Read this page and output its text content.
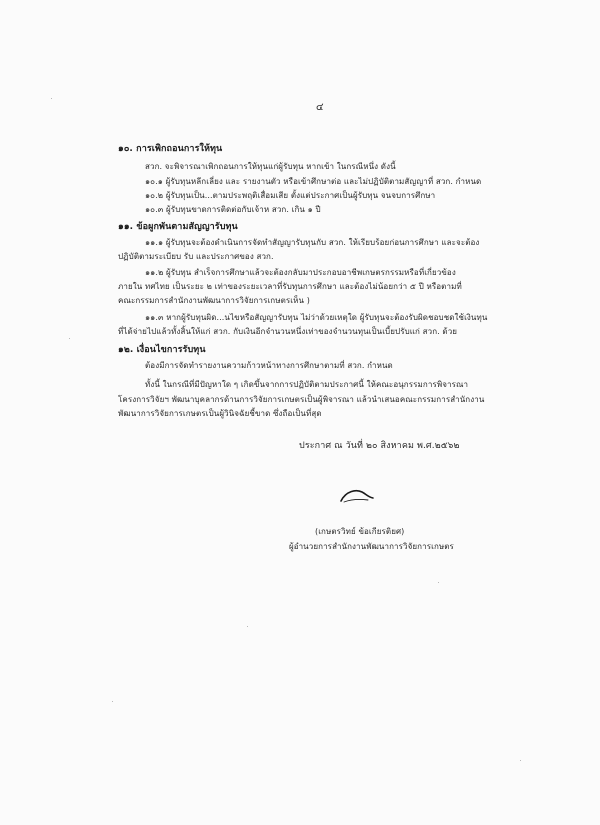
๔
๑๐. การเพิกถอนการให้ทุน
สวก. จะพิจารณาเพิกถอนการให้ทุนแก่ผู้รับทุน หากเข้า ในกรณีหนึ่ง ดังนี้
๑๐.๑ ผู้รับทุนหลีกเลี่ยง และ รายงานตัว หรือเข้าศึกษาต่อ และไม่ปฏิบัติตามสัญญาที่ สวก. กำหนด
๑๐.๒ ผู้รับทุนเป็น...ตามประพฤติเสื่อมเสีย ตั้งแต่ประกาศเป็นผู้รับทุน จนจบการศึกษา
๑๐.๓ ผู้รับทุนขาดการติดต่อกับเจ้าห สวก. เกิน ๑ ปี
๑๑. ข้อผูกพันตามสัญญารับทุน
๑๑.๑ ผู้รับทุนจะต้องดำเนินการจัดทำสัญญารับทุนกับ สวก. ให้เรียบร้อยก่อนการศึกษา และจะต้อง
ปฏิบัติตามระเบียบ รับ และประกาศของ สวก.
๑๑.๒ ผู้รับทุน สำเร็จการศึกษาแล้วจะต้องกลับมาประกอบอาชีพเกษตรกรรมหรือที่เกี่ยวข้อง
ภายใน ทศไทย เป็นระยะ ๒ เท่าของระยะเวลาที่รับทุนการศึกษา และต้องไม่น้อยกว่า ๕ ปี หรือตามที่
คณะกรรมการสำนักงานพัฒนาการวิจัยการเกษตรเห็น )
๑๑.๓ หากผู้รับทุนผิด...นไขหรือสัญญารับทุน ไม่ว่าด้วยเหตุใด ผู้รับทุนจะต้องรับผิดชอบชดใช้เงินทุน
ที่ได้จ่ายไปแล้วทั้งสิ้นให้แก่ สวก. กับเงินอีกจำนวนหนึ่งเท่าของจำนวนทุนเป็นเบี้ยปรับแก่ สวก. ด้วย
๑๒. เงื่อนไขการรับทุน
ต้องมีการจัดทำรายงานความก้าวหน้าทางการศึกษาตามที่ สวก. กำหนด
ทั้งนี้ ในกรณีที่มีปัญหาใด ๆ เกิดขึ้นจากการปฏิบัติตามประกาศนี้ ให้คณะอนุกรรมการพิจารณา
โครงการวิจัยฯ พัฒนาบุคลากรด้านการวิจัยการเกษตรเป็นผู้พิจารณา แล้วนำเสนอคณะกรรมการสำนักงาน
พัฒนาการวิจัยการเกษตรเป็นผู้วินิจฉัยชี้ขาด ซึ่งถือเป็นที่สุด
ประกาศ ณ วันที่ ๒๐ สิงหาคม พ.ศ.๒๕๖๒
(เกษตรวิทย์ ข้อเกียรติยศ)
ผู้อำนวยการสำนักงานพัฒนาการวิจัยการเกษตร
